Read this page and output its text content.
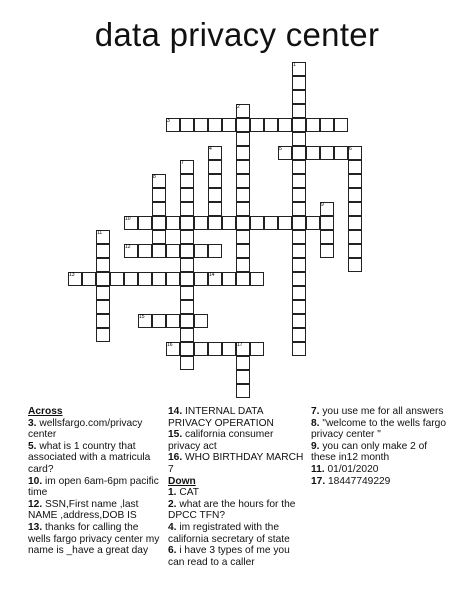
data privacy center
1
2
3
4	5	6
7
8
9
10
11
12
13	14
15
16	17
Across
3. wellsfargo.com/privacy center
5. what is 1 country that associated with a matricula card?
10. im open 6am-6pm pacific time
12. SSN,First name ,last NAME ,address,DOB IS
13. thanks for calling the wells fargo privacy center my name is _have a great day
14. INTERNAL DATA PRIVACY OPERATION
15. california consumer privacy act
16. WHO BIRTHDAY MARCH 7
Down
1. CAT
2. what are the hours for the DPCC TFN?
4. im registrated with the california secretary of state
6. i have 3 types of me you can read to a caller
7. you use me for all answers
8. "welcome to the wells fargo privacy center "
9. you can only make 2 of these in12 month
11. 01/01/2020
17. 18447749229
